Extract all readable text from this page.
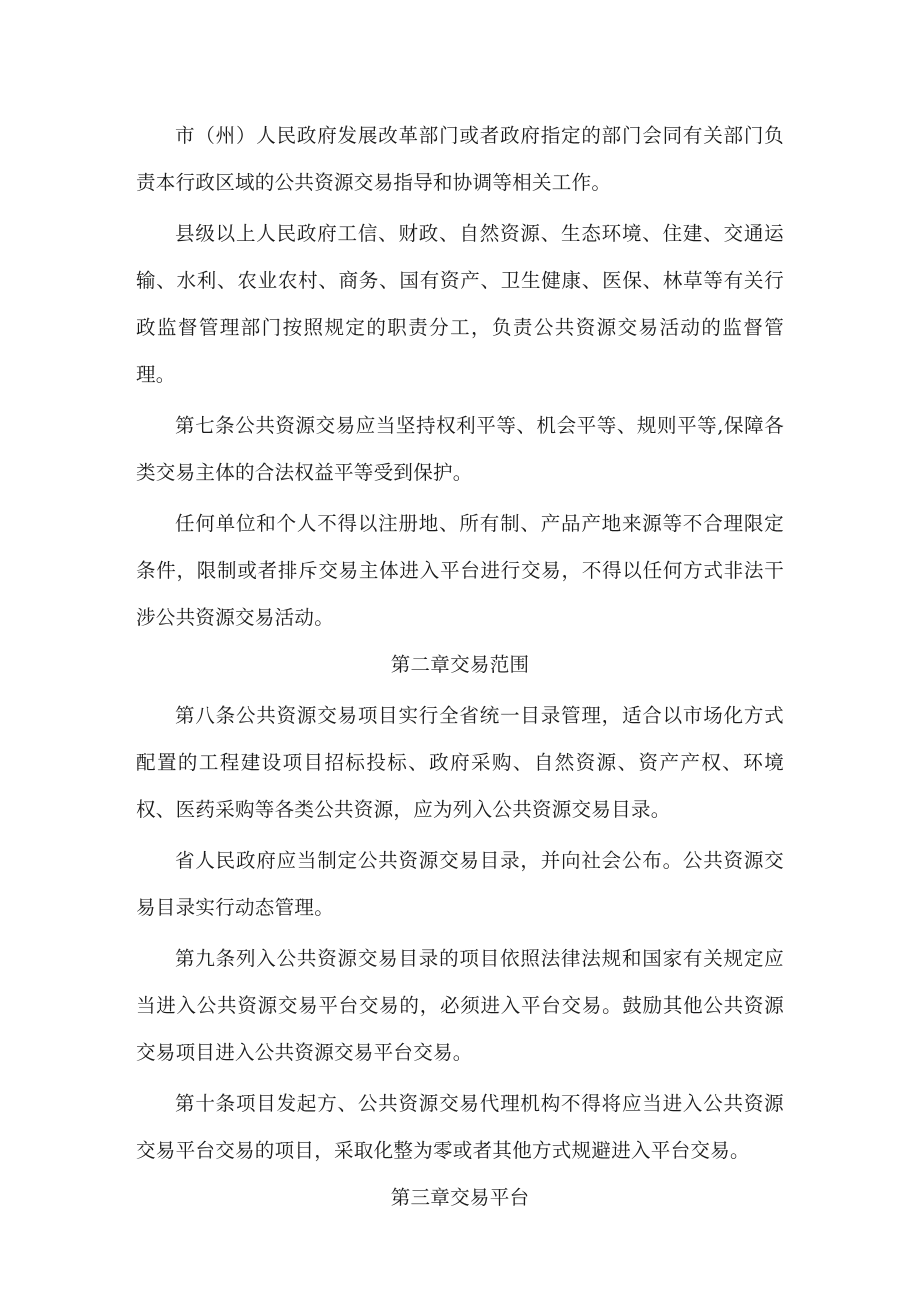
市（州）人民政府发展改革部门或者政府指定的部门会同有关部门负责本行政区域的公共资源交易指导和协调等相关工作。

县级以上人民政府工信、财政、自然资源、生态环境、住建、交通运输、水利、农业农村、商务、国有资产、卫生健康、医保、林草等有关行政监督管理部门按照规定的职责分工，负责公共资源交易活动的监督管理。

第七条公共资源交易应当坚持权利平等、机会平等、规则平等,保障各类交易主体的合法权益平等受到保护。

任何单位和个人不得以注册地、所有制、产品产地来源等不合理限定条件，限制或者排斥交易主体进入平台进行交易，不得以任何方式非法干涉公共资源交易活动。

第二章交易范围

第八条公共资源交易项目实行全省统一目录管理，适合以市场化方式配置的工程建设项目招标投标、政府采购、自然资源、资产产权、环境权、医药采购等各类公共资源，应为列入公共资源交易目录。

省人民政府应当制定公共资源交易目录，并向社会公布。公共资源交易目录实行动态管理。

第九条列入公共资源交易目录的项目依照法律法规和国家有关规定应当进入公共资源交易平台交易的，必须进入平台交易。鼓励其他公共资源交易项目进入公共资源交易平台交易。

第十条项目发起方、公共资源交易代理机构不得将应当进入公共资源交易平台交易的项目，采取化整为零或者其他方式规避进入平台交易。

第三章交易平台
